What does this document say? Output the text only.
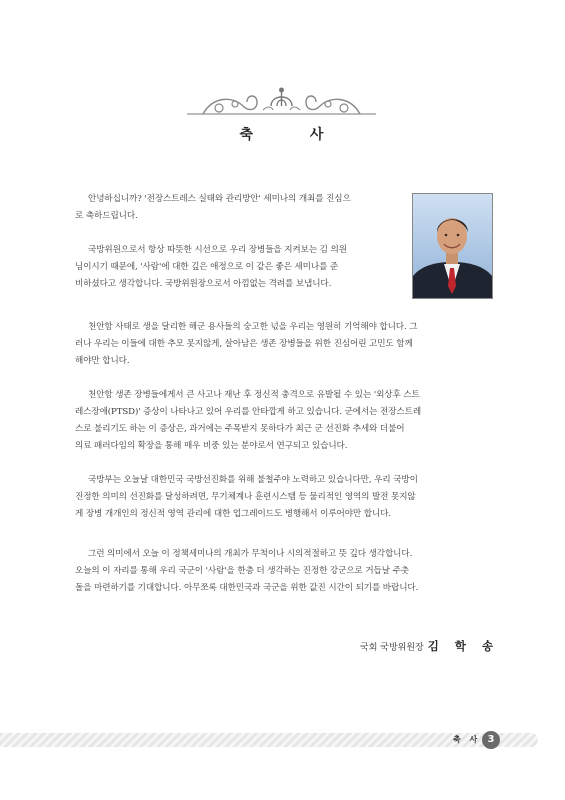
축 사

안녕하십니까? '전장스트레스 실태와 관리방안' 세미나의 개최를 진심으
로 축하드립니다.

국방위원으로서 항상 따뜻한 시선으로 우리 장병들을 지켜보는 김 의원
님이시기 때문에, '사람'에 대한 깊은 애정으로 이 같은 좋은 세미나를 준
비하셨다고 생각합니다. 국방위원장으로서 아낌없는 격려를 보냅니다.

천안함 사태로 생을 달리한 해군 용사들의 숭고한 넋을 우리는 영원히 기억해야 합니다. 그
러나 우리는 이들에 대한 추모 못지않게, 살아남은 생존 장병들을 위한 진심어린 고민도 함께
해야만 합니다.

천안함 생존 장병들에게서 큰 사고나 재난 후 정신적 충격으로 유발될 수 있는 '외상후 스트
레스장애(PTSD)' 증상이 나타나고 있어 우리를 안타깝게 하고 있습니다. 군에서는 전장스트레
스로 불리기도 하는 이 증상은, 과거에는 주목받지 못하다가 최근 군 선진화 추세와 더불어
의료 패러다임의 확장을 통해 매우 비중 있는 분야로서 연구되고 있습니다.

국방부는 오늘날 대한민국 국방선진화를 위해 불철주야 노력하고 있습니다만, 우리 국방이
진정한 의미의 선진화를 달성하려면, 무기체계나 훈련시스템 등 물리적인 영역의 발전 못지않
게 장병 개개인의 정신적 영역 관리에 대한 업그레이드도 병행해서 이루어야만 합니다.

그런 의미에서 오늘 이 정책세미나의 개최가 무척이나 시의적절하고 뜻 깊다 생각합니다.
오늘의 이 자리를 통해 우리 국군이 '사람'을 한층 더 생각하는 진정한 강군으로 거듭날 주춧
돌을 마련하기를 기대합니다. 아무쪼록 대한민국과 국군을 위한 값진 시간이 되기를 바랍니다.

국회 국방위원장 김 학 송
축 사 3
